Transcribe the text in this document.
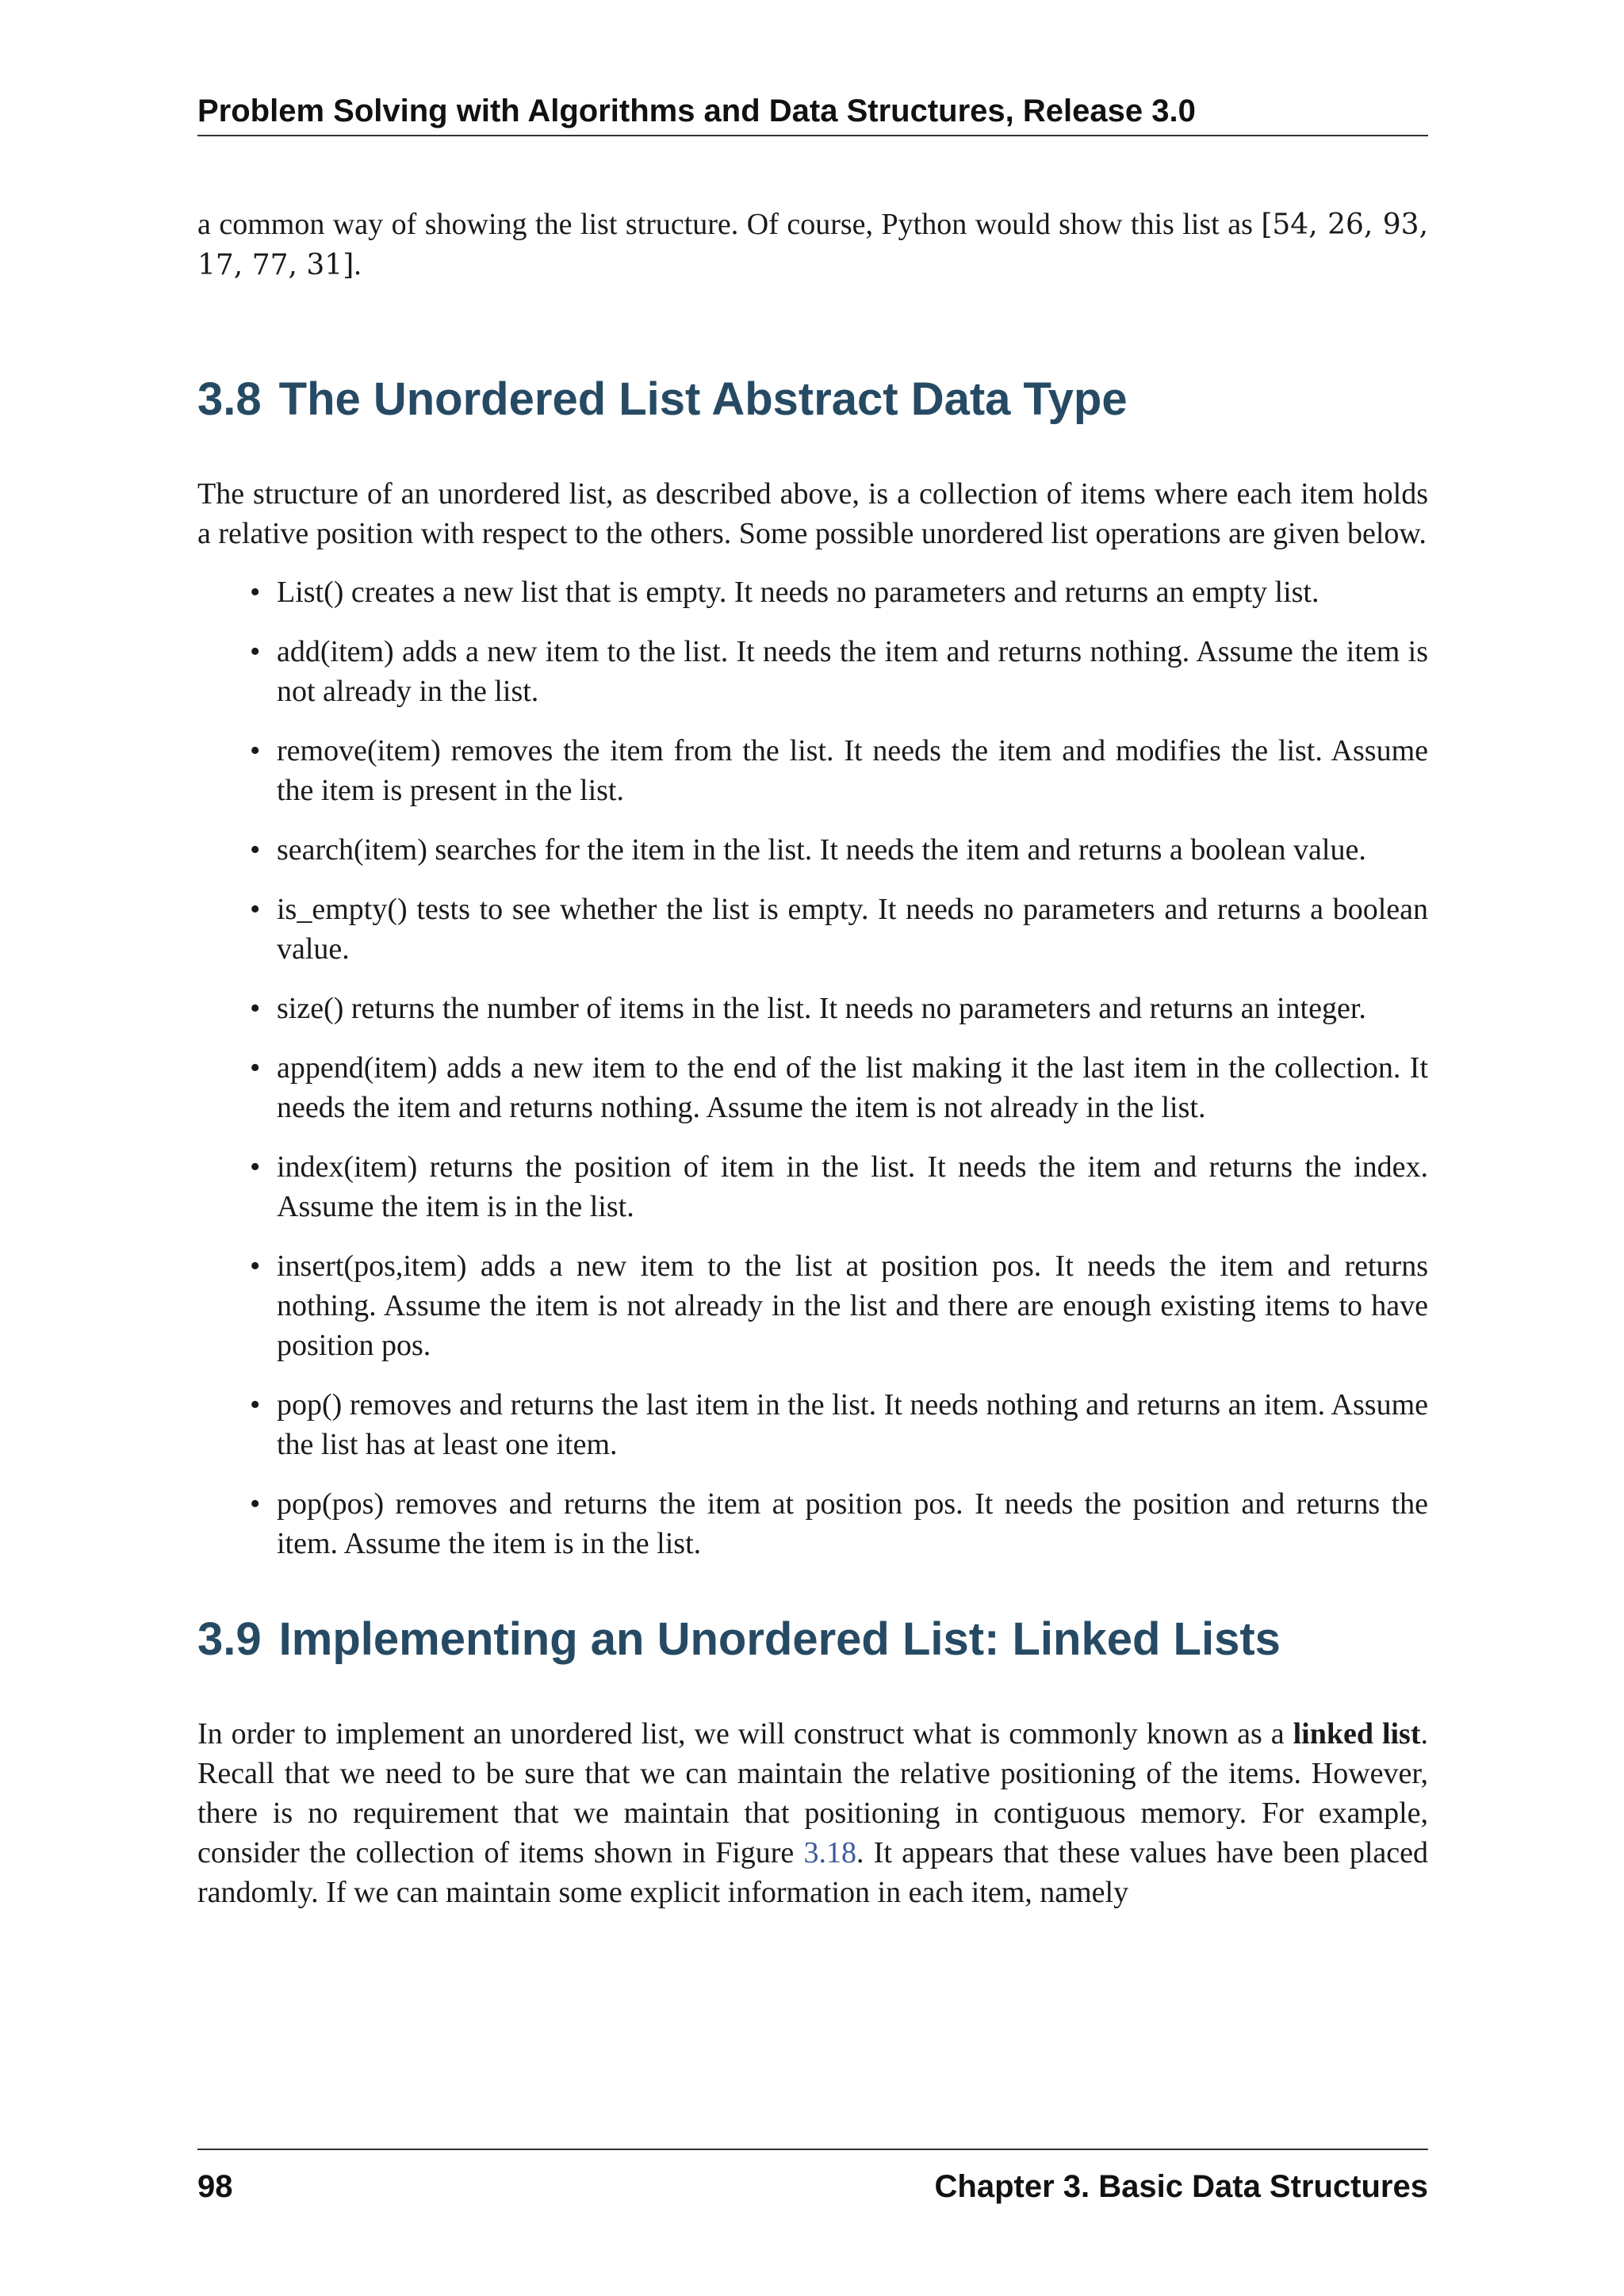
Problem Solving with Algorithms and Data Structures, Release 3.0

a common way of showing the list structure. Of course, Python would show this list as [54, 26, 93, 17, 77, 31].

3.8 The Unordered List Abstract Data Type

The structure of an unordered list, as described above, is a collection of items where each item holds a relative position with respect to the others. Some possible unordered list operations are given below.

• List() creates a new list that is empty. It needs no parameters and returns an empty list.
• add(item) adds a new item to the list. It needs the item and returns nothing. Assume the item is not already in the list.
• remove(item) removes the item from the list. It needs the item and modifies the list. Assume the item is present in the list.
• search(item) searches for the item in the list. It needs the item and returns a boolean value.
• is_empty() tests to see whether the list is empty. It needs no parameters and returns a boolean value.
• size() returns the number of items in the list. It needs no parameters and returns an integer.
• append(item) adds a new item to the end of the list making it the last item in the collection. It needs the item and returns nothing. Assume the item is not already in the list.
• index(item) returns the position of item in the list. It needs the item and returns the index. Assume the item is in the list.
• insert(pos,item) adds a new item to the list at position pos. It needs the item and returns nothing. Assume the item is not already in the list and there are enough existing items to have position pos.
• pop() removes and returns the last item in the list. It needs nothing and returns an item. Assume the list has at least one item.
• pop(pos) removes and returns the item at position pos. It needs the position and returns the item. Assume the item is in the list.
3.9 Implementing an Unordered List: Linked Lists

In order to implement an unordered list, we will construct what is commonly known as a linked list. Recall that we need to be sure that we can maintain the relative positioning of the items. However, there is no requirement that we maintain that positioning in contiguous memory. For example, consider the collection of items shown in Figure 3.18. It appears that these values have been placed randomly. If we can maintain some explicit information in each item, namely

98	Chapter 3. Basic Data Structures
